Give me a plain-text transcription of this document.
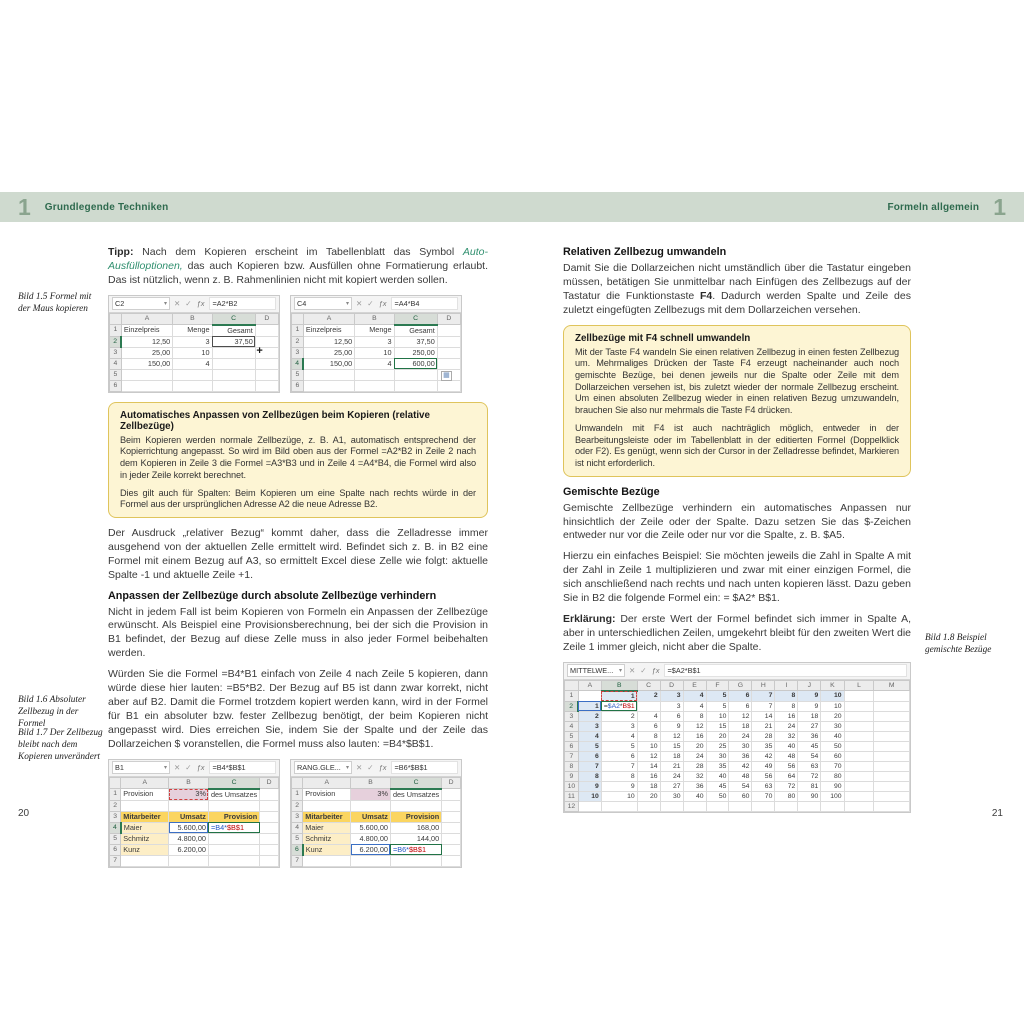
1 Grundlegende Techniken	Formeln allgemein 1
Bild 1.5 Formel mit der Maus kopieren
Bild 1.6 Absoluter Zellbezug in der Formel
Bild 1.7 Der Zellbezug bleibt nach dem Kopieren unverändert
Bild 1.8 Beispiel gemischte Bezüge

Tipp: Nach dem Kopieren erscheint im Tabellenblatt das Symbol Auto-Ausfülloptionen, das auch Kopieren bzw. Ausfüllen ohne Formatierung erlaubt. Das ist nützlich, wenn z. B. Rahmenlinien nicht mit kopiert werden sollen.

C2	▾ ✕ ✓ ƒx	=A2*B2
	A	B	C	D
1	Einzelpreis	Menge	Gesamt	
2	12,50	3	37,50 +	
3	25,00	10		
4	150,00	4		
5				
6				
C4	▾ ✕ ✓ ƒx	=A4*B4
	A	B	C	D
1	Einzelpreis	Menge	Gesamt	
2	12,50	3	37,50	
3	25,00	10	250,00	
4	150,00	4	600,00 ▦	
5				
6				
Automatisches Anpassen von Zellbezügen beim Kopieren (relative Zellbezüge)

Beim Kopieren werden normale Zellbezüge, z. B. A1, automatisch entsprechend der Kopierrichtung angepasst. So wird im Bild oben aus der Formel =A2*B2 in Zeile 2 nach dem Kopieren in Zeile 3 die Formel =A3*B3 und in Zeile 4 =A4*B4, die Formel wird also in jeder Zeile korrekt berechnet.

Dies gilt auch für Spalten: Beim Kopieren um eine Spalte nach rechts würde in der Formel aus der ursprünglichen Adresse A2 die neue Adresse B2.

Der Ausdruck „relativer Bezug“ kommt daher, dass die Zelladresse immer ausgehend von der aktuellen Zelle ermittelt wird. Befindet sich z. B. in B2 eine Formel mit einem Bezug auf A3, so ermittelt Excel diese Zelle wie folgt: aktuelle Spalte -1 und aktuelle Zeile +1.

Anpassen der Zellbezüge durch absolute Zellbezüge verhindern

Nicht in jedem Fall ist beim Kopieren von Formeln ein Anpassen der Zellbezüge erwünscht. Als Beispiel eine Provisionsberechnung, bei der sich die Provision in B1 befindet, der Bezug auf diese Zelle muss in also jeder Formel beibehalten werden.

Würden Sie die Formel =B4*B1 einfach von Zeile 4 nach Zeile 5 kopieren, dann würde diese hier lauten: =B5*B2. Der Bezug auf B5 ist dann zwar korrekt, nicht aber auf B2. Damit die Formel trotzdem kopiert werden kann, wird in der Formel für B1 ein absoluter bzw. fester Zellbezug benötigt, der beim Kopieren nicht angepasst wird. Dies erreichen Sie, indem Sie der Spalte und der Zeile das Dollarzeichen $ voranstellen, die Formel muss also lauten: =B4*$B$1.

B1	▾ ✕ ✓ ƒx	=B4*$B$1
	A	B	C	D
1	Provision	3%	des Umsatzes	
2				
3	Mitarbeiter	Umsatz	Provision	
4	Maier	5.600,00	=B4*$B$1	
5	Schmitz	4.800,00		
6	Kunz	6.200,00		
7				
RANG.GLE... ▾ ✕ ✓ ƒx	=B6*$B$1
	A	B	C	D
1	Provision	3%	des Umsatzes	
2				
3	Mitarbeiter	Umsatz	Provision	
4	Maier	5.600,00	168,00	
5	Schmitz	4.800,00	144,00	
6	Kunz	6.200,00	=B6*$B$1	
7				
Relativen Zellbezug umwandeln

Damit Sie die Dollarzeichen nicht umständlich über die Tastatur eingeben müssen, betätigen Sie unmittelbar nach Einfügen des Zellbezugs auf der Tastatur die Funktionstaste F4. Dadurch werden Spalte und Zeile des zuletzt eingefügten Zellbezugs mit dem Dollarzeichen versehen.

Zellbezüge mit F4 schnell umwandeln

Mit der Taste F4 wandeln Sie einen relativen Zellbezug in einen festen Zellbezug um. Mehrmaliges Drücken der Taste F4 erzeugt nacheinander auch noch gemischte Bezüge, bei denen jeweils nur die Spalte oder Zeile mit dem Dollarzeichen versehen ist, bis zuletzt wieder der normale Zellbezug erscheint. Um einen absoluten Zellbezug wieder in einen relativen Bezug umzuwandeln, brauchen Sie also nur mehrmals die Taste F4 drücken.

Umwandeln mit F4 ist auch nachträglich möglich, entweder in der Bearbeitungsleiste oder im Tabellenblatt in der editierten Formel (Doppelklick oder F2). Es genügt, wenn sich der Cursor in der Zelladresse befindet, Markieren ist nicht erforderlich.

Gemischte Bezüge

Gemischte Zellbezüge verhindern ein automatisches Anpassen nur hinsichtlich der Zeile oder der Spalte. Dazu setzen Sie das $-Zeichen entweder nur vor die Zeile oder nur vor die Spalte, z. B. $A5.

Hierzu ein einfaches Beispiel: Sie möchten jeweils die Zahl in Spalte A mit der Zahl in Zeile 1 multiplizieren und zwar mit einer einzigen Formel, die sich anschließend nach rechts und nach unten kopieren lässt. Dazu geben Sie in B2 die folgende Formel ein: = $A2* B$1.

Erklärung: Der erste Wert der Formel befindet sich immer in Spalte A, aber in unterschiedlichen Zeilen, umgekehrt bleibt für den zweiten Wert die Zeile 1 immer gleich, nicht aber die Spalte.

MITTELWE... ▾ ✕ ✓ ƒx	=$A2*B$1
	A	B	C	D	E	F	G	H	I	J	K	L	M
1		1	2	3	4	5	6	7	8	9	10		
2	1	=$A2*B$1		3	4	5	6	7	8	9	10		
3	2	2	4	6	8	10	12	14	16	18	20		
4	3	3	6	9	12	15	18	21	24	27	30		
5	4	4	8	12	16	20	24	28	32	36	40		
6	5	5	10	15	20	25	30	35	40	45	50		
7	6	6	12	18	24	30	36	42	48	54	60		
8	7	7	14	21	28	35	42	49	56	63	70		
9	8	8	16	24	32	40	48	56	64	72	80		
10	9	9	18	27	36	45	54	63	72	81	90		
11	10	10	20	30	40	50	60	70	80	90	100		
12													
20	21
